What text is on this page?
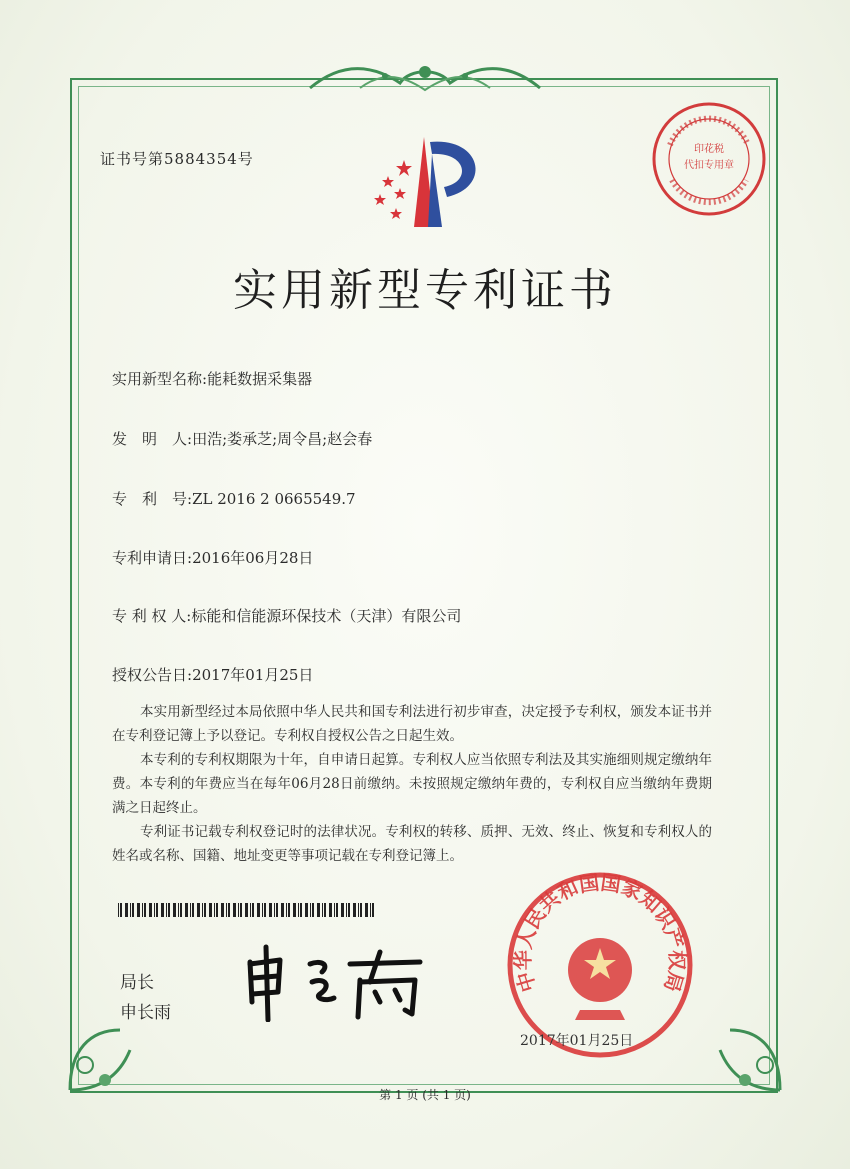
证书号第5884354号
印花税
代扣专用章
实用新型专利证书
实用新型名称:能耗数据采集器
发　明　人:田浩;娄承芝;周令昌;赵会春
专　利　号:ZL 2016 2 0665549.7
专利申请日:2016年06月28日
专 利 权 人:标能和信能源环保技术（天津）有限公司
授权公告日:2017年01月25日

本实用新型经过本局依照中华人民共和国专利法进行初步审查，决定授予专利权，颁发本证书并在专利登记簿上予以登记。专利权自授权公告之日起生效。

本专利的专利权期限为十年，自申请日起算。专利权人应当依照专利法及其实施细则规定缴纳年费。本专利的年费应当在每年06月28日前缴纳。未按照规定缴纳年费的，专利权自应当缴纳年费期满之日起终止。

专利证书记载专利权登记时的法律状况。专利权的转移、质押、无效、终止、恢复和专利权人的姓名或名称、国籍、地址变更等事项记载在专利登记簿上。

局长
申长雨
中华人民共和国国家知识产权局
2017年01月25日
第 1 页 (共 1 页)
